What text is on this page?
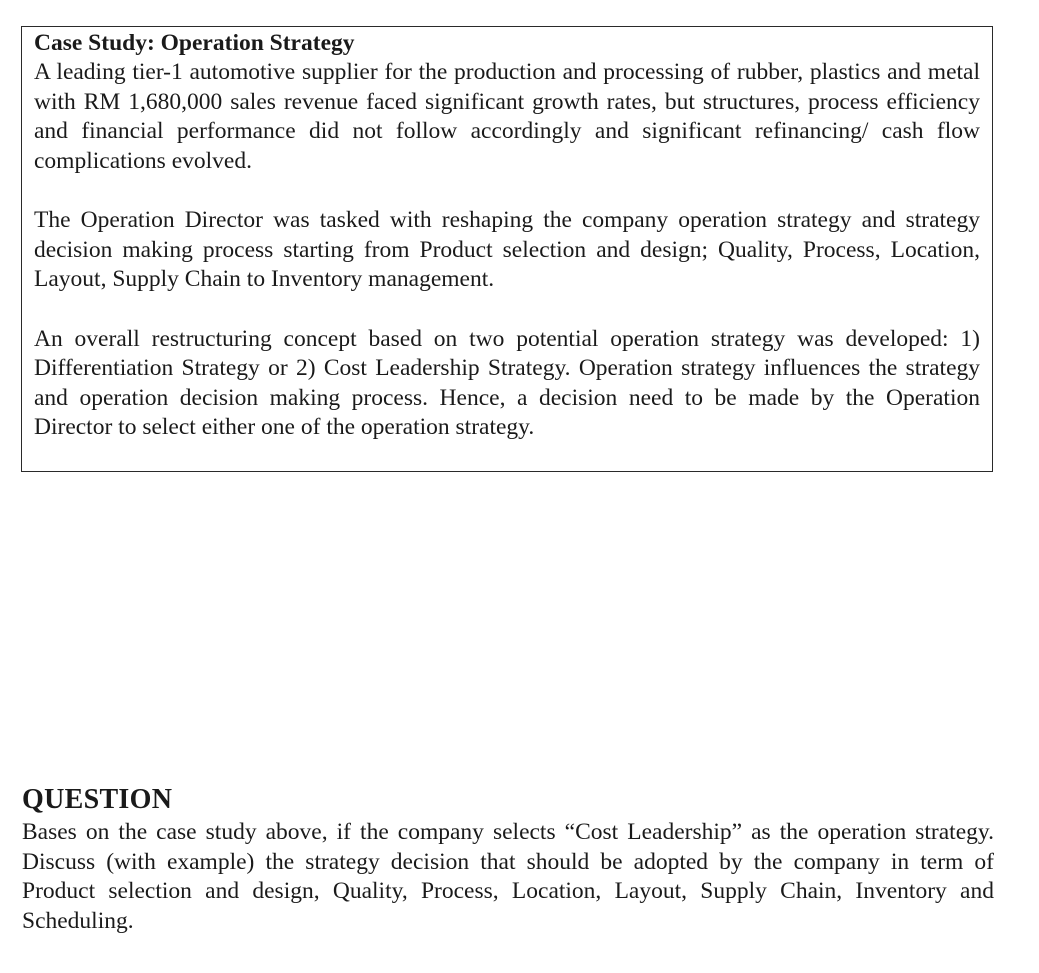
Case Study: Operation Strategy

A leading tier-1 automotive supplier for the production and processing of rubber, plastics and metal with RM 1,680,000 sales revenue faced significant growth rates, but structures, process efficiency and financial performance did not follow accordingly and significant refinancing/ cash flow complications evolved.

The Operation Director was tasked with reshaping the company operation strategy and strategy decision making process starting from Product selection and design; Quality, Process, Location, Layout, Supply Chain to Inventory management.

An overall restructuring concept based on two potential operation strategy was developed: 1) Differentiation Strategy or 2) Cost Leadership Strategy. Operation strategy influences the strategy and operation decision making process. Hence, a decision need to be made by the Operation Director to select either one of the operation strategy.

QUESTION

Bases on the case study above, if the company selects “Cost Leadership” as the operation strategy. Discuss (with example) the strategy decision that should be adopted by the company in term of Product selection and design, Quality, Process, Location, Layout, Supply Chain, Inventory and Scheduling.
